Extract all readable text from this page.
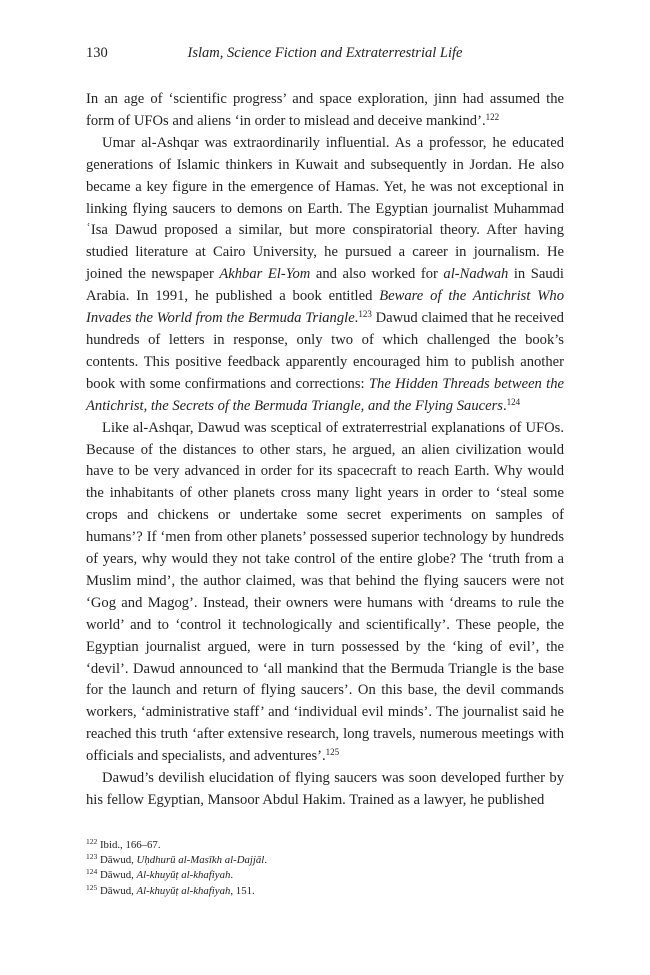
130	Islam, Science Fiction and Extraterrestrial Life

In an age of ‘scientific progress’ and space exploration, jinn had assumed the form of UFOs and aliens ‘in order to mislead and deceive mankind’.$^{122}$

Umar al-Ashqar was extraordinarily influential. As a professor, he educated generations of Islamic thinkers in Kuwait and subsequently in Jordan. He also became a key figure in the emergence of Hamas. Yet, he was not exceptional in linking flying saucers to demons on Earth. The Egyptian journalist Muhammad ʿIsa Dawud proposed a similar, but more conspiratorial theory. After having studied literature at Cairo University, he pursued a career in journalism. He joined the newspaper Akhbar El-Yom and also worked for al-Nadwah in Saudi Arabia. In 1991, he published a book entitled Beware of the Antichrist Who Invades the World from the Bermuda Triangle.$^{123}$ Dawud claimed that he received hundreds of letters in response, only two of which challenged the book’s contents. This positive feedback apparently encouraged him to publish another book with some confirmations and corrections: The Hidden Threads between the Antichrist, the Secrets of the Bermuda Triangle, and the Flying Saucers.$^{124}$

Like al-Ashqar, Dawud was sceptical of extraterrestrial explanations of UFOs. Because of the distances to other stars, he argued, an alien civilization would have to be very advanced in order for its spacecraft to reach Earth. Why would the inhabitants of other planets cross many light years in order to ‘steal some crops and chickens or undertake some secret experiments on samples of humans’? If ‘men from other planets’ possessed superior technology by hundreds of years, why would they not take control of the entire globe? The ‘truth from a Muslim mind’, the author claimed, was that behind the flying saucers were not ‘Gog and Magog’. Instead, their owners were humans with ‘dreams to rule the world’ and to ‘control it technologically and scientifically’. These people, the Egyptian journalist argued, were in turn possessed by the ‘king of evil’, the ‘devil’. Dawud announced to ‘all mankind that the Bermuda Triangle is the base for the launch and return of flying saucers’. On this base, the devil commands workers, ‘administrative staff’ and ‘individual evil minds’. The journalist said he reached this truth ‘after extensive research, long travels, numerous meetings with officials and specialists, and adventures’.$^{125}$

Dawud’s devilish elucidation of flying saucers was soon developed further by his fellow Egyptian, Mansoor Abdul Hakim. Trained as a lawyer, he published

$^{122}$ Ibid., 166–67.
$^{123}$ Dāwud, Uḥdhurū al-Masīkh al-Dajjāl.
$^{124}$ Dāwud, Al-khuyūṭ al-khafiyah.
$^{125}$ Dāwud, Al-khuyūṭ al-khafiyah, 151.
